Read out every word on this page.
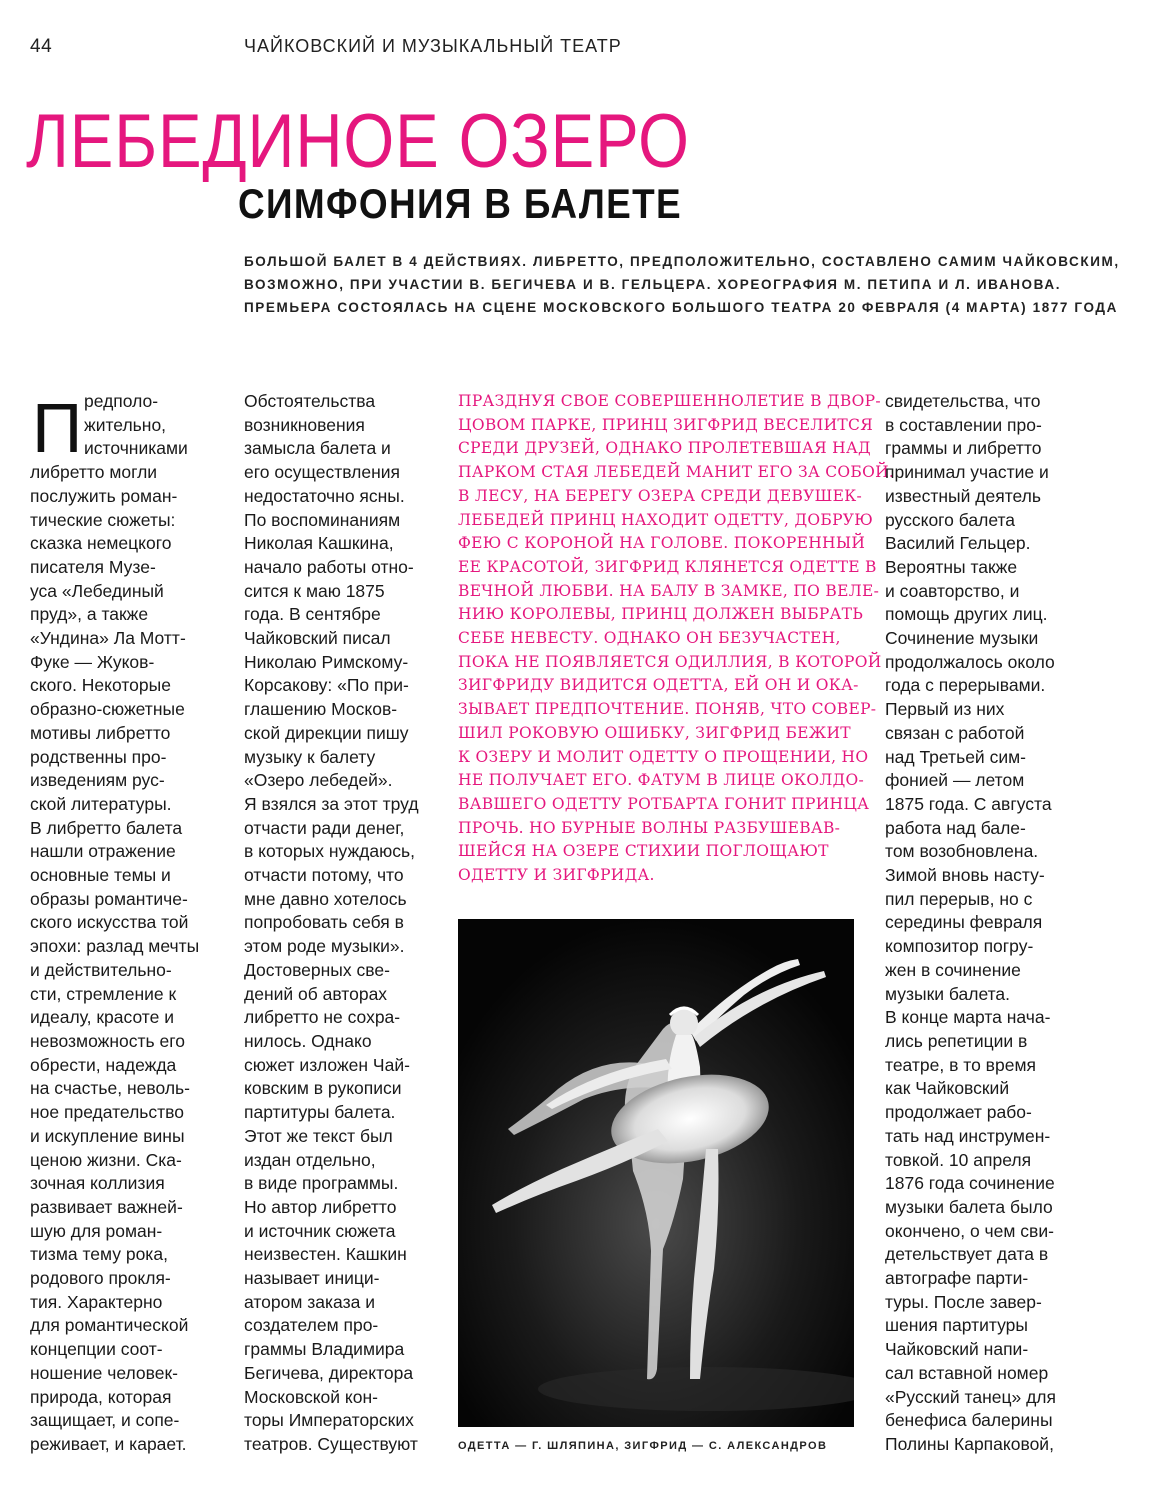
44	ЧАЙКОВСКИЙ И МУЗЫКАЛЬНЫЙ ТЕАТР
ЛЕБЕДИНОЕ ОЗЕРО
СИМФОНИЯ В БАЛЕТЕ
БОЛЬШОЙ БАЛЕТ В 4 ДЕЙСТВИЯХ. ЛИБРЕТТО, ПРЕДПОЛОЖИТЕЛЬНО, СОСТАВЛЕНО САМИМ ЧАЙКОВСКИМ,
ВОЗМОЖНО, ПРИ УЧАСТИИ В. БЕГИЧЕВА И В. ГЕЛЬЦЕРА. ХОРЕОГРАФИЯ М. ПЕТИПА И Л. ИВАНОВА.
ПРЕМЬЕРА СОСТОЯЛАСЬ НА СЦЕНЕ МОСКОВСКОГО БОЛЬШОГО ТЕАТРА 20 ФЕВРАЛЯ (4 МАРТА) 1877 ГОДА
П редполо-
жительно,
источниками
либретто могли
послужить роман-
тические сюжеты:
сказка немецкого
писателя Музе-
уса «Лебединый
пруд», а также
«Ундина» Ла Мотт-
Фуке — Жуков-
ского. Некоторые
образно-сюжетные
мотивы либретто
родственны про-
изведениям рус-
ской литературы.
В либретто балета
нашли отражение
основные темы и
образы романтиче-
ского искусства той
эпохи: разлад мечты
и действительно-
сти, стремление к
идеалу, красоте и
невозможность его
обрести, надежда
на счастье, неволь-
ное предательство
и искупление вины
ценою жизни. Ска-
зочная коллизия
развивает важней-
шую для роман-
тизма тему рока,
родового прокля-
тия. Характерно
для романтической
концепции соот-
ношение человек-
природа, которая
защищает, и сопе-
реживает, и карает.
Обстоятельства
возникновения
замысла балета и
его осуществления
недостаточно ясны.
По воспоминаниям
Николая Кашкина,
начало работы отно-
сится к маю 1875
года. В сентябре
Чайковский писал
Николаю Римскому-
Корсакову: «По при-
глашению Москов-
ской дирекции пишу
музыку к балету
«Озеро лебедей».
Я взялся за этот труд
отчасти ради денег,
в которых нуждаюсь,
отчасти потому, что
мне давно хотелось
попробовать себя в
этом роде музыки».
Достоверных све-
дений об авторах
либретто не сохра-
нилось. Однако
сюжет изложен Чай-
ковским в рукописи
партитуры балета.
Этот же текст был
издан отдельно,
в виде программы.
Но автор либретто
и источник сюжета
неизвестен. Кашкин
называет иници-
атором заказа и
создателем про-
граммы Владимира
Бегичева, директора
Московской кон-
торы Императорских
театров. Существуют
ПРАЗДНУЯ СВОЕ СОВЕРШЕННОЛЕТИЕ В ДВОР-
ЦОВОМ ПАРКЕ, ПРИНЦ ЗИГФРИД ВЕСЕЛИТСЯ
СРЕДИ ДРУЗЕЙ, ОДНАКО ПРОЛЕТЕВШАЯ НАД
ПАРКОМ СТАЯ ЛЕБЕДЕЙ МАНИТ ЕГО ЗА СОБОЙ.
В ЛЕСУ, НА БЕРЕГУ ОЗЕРА СРЕДИ ДЕВУШЕК-
ЛЕБЕДЕЙ ПРИНЦ НАХОДИТ ОДЕТТУ, ДОБРУЮ
ФЕЮ С КОРОНОЙ НА ГОЛОВЕ. ПОКОРЕННЫЙ
ЕЕ КРАСОТОЙ, ЗИГФРИД КЛЯНЕТСЯ ОДЕТТЕ В
ВЕЧНОЙ ЛЮБВИ. НА БАЛУ В ЗАМКЕ, ПО ВЕЛЕ-
НИЮ КОРОЛЕВЫ, ПРИНЦ ДОЛЖЕН ВЫБРАТЬ
СЕБЕ НЕВЕСТУ. ОДНАКО ОН БЕЗУЧАСТЕН,
ПОКА НЕ ПОЯВЛЯЕТСЯ ОДИЛЛИЯ, В КОТОРОЙ
ЗИГФРИДУ ВИДИТСЯ ОДЕТТА, ЕЙ ОН И ОКА-
ЗЫВАЕТ ПРЕДПОЧТЕНИЕ. ПОНЯВ, ЧТО СОВЕР-
ШИЛ РОКОВУЮ ОШИБКУ, ЗИГФРИД БЕЖИТ
К ОЗЕРУ И МОЛИТ ОДЕТТУ О ПРОЩЕНИИ, НО
НЕ ПОЛУЧАЕТ ЕГО. ФАТУМ В ЛИЦЕ ОКОЛДО-
ВАВШЕГО ОДЕТТУ РОТБАРТА ГОНИТ ПРИНЦА
ПРОЧЬ. НО БУРНЫЕ ВОЛНЫ РАЗБУШЕВАВ-
ШЕЙСЯ НА ОЗЕРЕ СТИХИИ ПОГЛОЩАЮТ
ОДЕТТУ И ЗИГФРИДА.
свидетельства, что
в составлении про-
граммы и либретто
принимал участие и
известный деятель
русского балета
Василий Гельцер.
Вероятны также
и соавторство, и
помощь других лиц.
Сочинение музыки
продолжалось около
года с перерывами.
Первый из них
связан с работой
над Третьей сим-
фонией — летом
1875 года. С августа
работа над бале-
том возобновлена.
Зимой вновь насту-
пил перерыв, но с
середины февраля
композитор погру-
жен в сочинение
музыки балета.
В конце марта нача-
лись репетиции в
театре, в то время
как Чайковский
продолжает рабо-
тать над инструмен-
товкой. 10 апреля
1876 года сочинение
музыки балета было
окончено, о чем сви-
детельствует дата в
автографе парти-
туры. После завер-
шения партитуры
Чайковский напи-
сал вставной номер
«Русский танец» для
бенефиса балерины
Полины Карпаковой,
ОДЕТТА — Г. ШЛЯПИНА, ЗИГФРИД — С. АЛЕКСАНДРОВ
